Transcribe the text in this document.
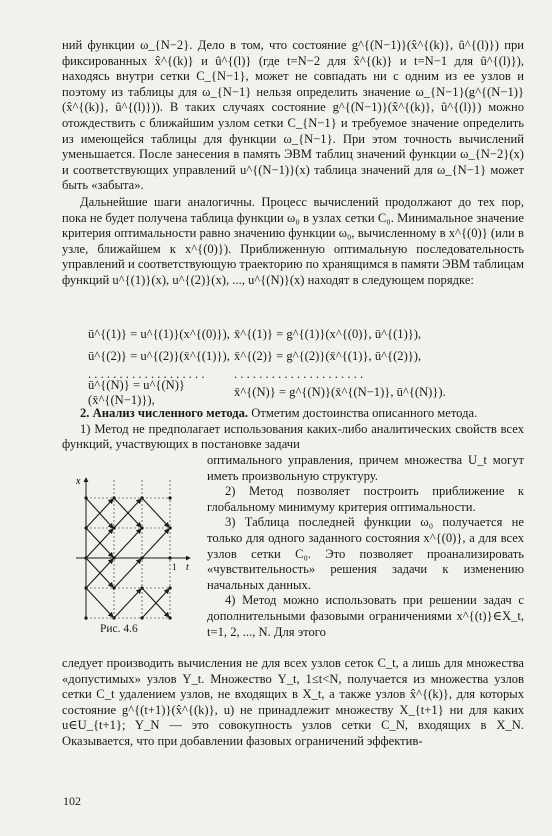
ний функции ω_{N−2}. Дело в том, что состояние g^{(N−1)}(x̂^{(k)}, û^{(l)}) при фиксированных x̂^{(k)} и û^{(l)} (где t=N−2 для x̂^{(k)} и t=N−1 для û^{(l)}), находясь внутри сетки C_{N−1}, может не совпадать ни с одним из ее узлов и поэтому из таблицы для ω_{N−1} нельзя определить значение ω_{N−1}(g^{(N−1)}(x̂^{(k)}, û^{(l)})). В таких случаях состояние g^{(N−1)}(x̂^{(k)}, û^{(l)}) можно отождествить с ближайшим узлом сетки C_{N−1} и требуемое значение определить из имеющейся таблицы для функции ω_{N−1}. При этом точность вычислений уменьшается. После занесения в память ЭВМ таблиц значений функции ω_{N−2}(x) и соответствующих управлений u^{(N−1)}(x) таблица значений для ω_{N−1} может быть «забыта».

Дальнейшие шаги аналогичны. Процесс вычислений продолжают до тех пор, пока не будет получена таблица функции ω₀ в узлах сетки C₀. Минимальное значение критерия оптимальности равно значению функции ω₀, вычисленному в x^{(0)} (или в узле, ближайшем к x^{(0)}). Приближенную оптимальную последовательность управлений и соответствующую траекторию по хранящимся в памяти ЭВМ таблицам функций u^{(1)}(x), u^{(2)}(x), ..., u^{(N)}(x) находят в следующем порядке:

ū^{(1)} = u^{(1)}(x^{(0)}), x̄^{(1)} = g^{(1)}(x^{(0)}, ū^{(1)}),
ū^{(2)} = u^{(2)}(x̄^{(1)}), x̄^{(2)} = g^{(2)}(x̄^{(1)}, ū^{(2)}),
. . . . . . . . . . . . . . . . . . .	. . . . . . . . . . . . . . . . . . . . .
ū^{(N)} = u^{(N)}(x̄^{(N−1)}),
x̄^{(N)} = g^{(N)}(x̄^{(N−1)}, ū^{(N)}).

2. Анализ численного метода. Отметим достоинства описанного метода.

1) Метод не предполагает использования каких-либо аналитических свойств всех функций, участвующих в постановке задачи

x
t
1
Рис. 4.6

оптимального управления, причем множества U_t могут иметь произвольную структуру.

2) Метод позволяет построить приближение к глобальному минимуму критерия оптимальности.

3) Таблица последней функции ω₀ получается не только для одного заданного состояния x^{(0)}, а для всех узлов сетки C₀. Это позволяет проанализировать «чувствительность» решения задачи к изменению начальных данных.

4) Метод можно использовать при решении задач с дополнительными фазовыми ограничениями x^{(t)}∈X_t, t=1, 2, ..., N. Для этого

следует производить вычисления не для всех узлов сеток C_t, а лишь для множества «допустимых» узлов Y_t. Множество Y_t, 1≤t<N, получается из множества узлов сетки C_t удалением узлов, не входящих в X_t, а также узлов x̂^{(k)}, для которых состояние g^{(t+1)}(x̂^{(k)}, u) не принадлежит множеству X_{t+1} ни для каких u∈U_{t+1}; Y_N — это совокупность узлов сетки C_N, входящих в X_N. Оказывается, что при добавлении фазовых ограничений эффектив-

102
